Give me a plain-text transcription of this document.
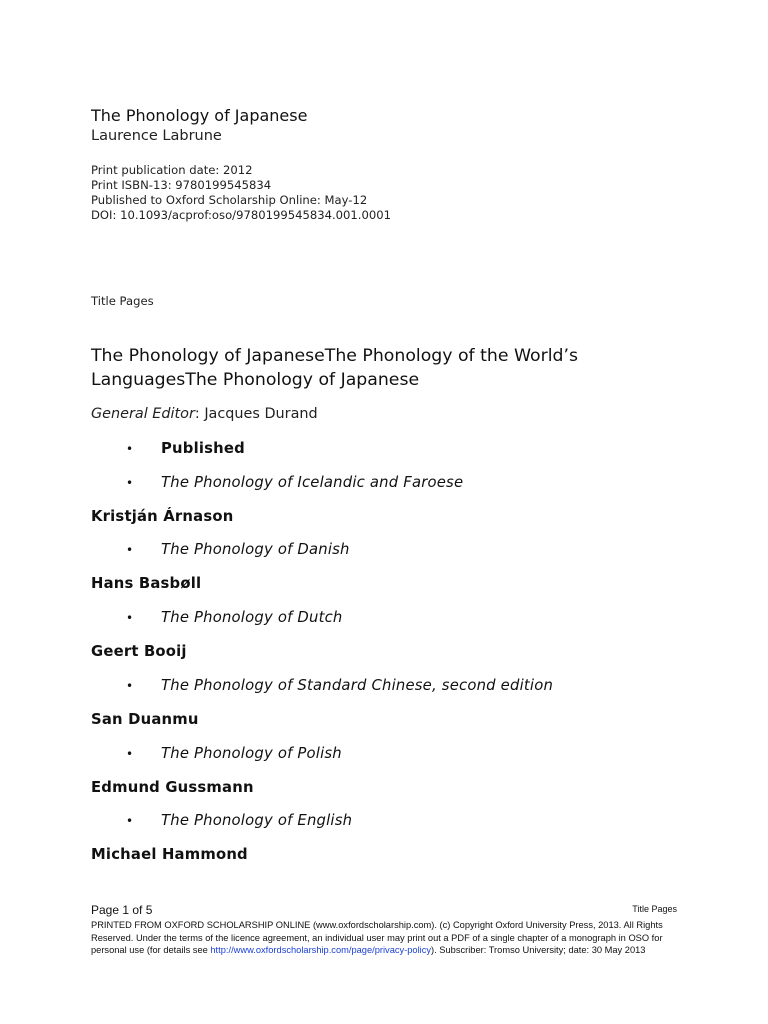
The Phonology of Japanese
Laurence Labrune
Print publication date: 2012
Print ISBN-13: 9780199545834
Published to Oxford Scholarship Online: May-12
DOI: 10.1093/acprof:oso/9780199545834.001.0001
Title Pages
The Phonology of JapaneseThe Phonology of the World’s LanguagesThe Phonology of Japanese
General Editor: Jacques Durand
• Published
• The Phonology of Icelandic and Faroese
Kristján Árnason
• The Phonology of Danish
Hans Basbøll
• The Phonology of Dutch
Geert Booij
• The Phonology of Standard Chinese, second edition
San Duanmu
• The Phonology of Polish
Edmund Gussmann
• The Phonology of English
Michael Hammond
Page 1 of 5	Title Pages
PRINTED FROM OXFORD SCHOLARSHIP ONLINE (www.oxfordscholarship.com). (c) Copyright Oxford University Press, 2013. All Rights Reserved. Under the terms of the licence agreement, an individual user may print out a PDF of a single chapter of a monograph in OSO for personal use (for details see http://www.oxfordscholarship.com/page/privacy-policy). Subscriber: Tromso University; date: 30 May 2013
